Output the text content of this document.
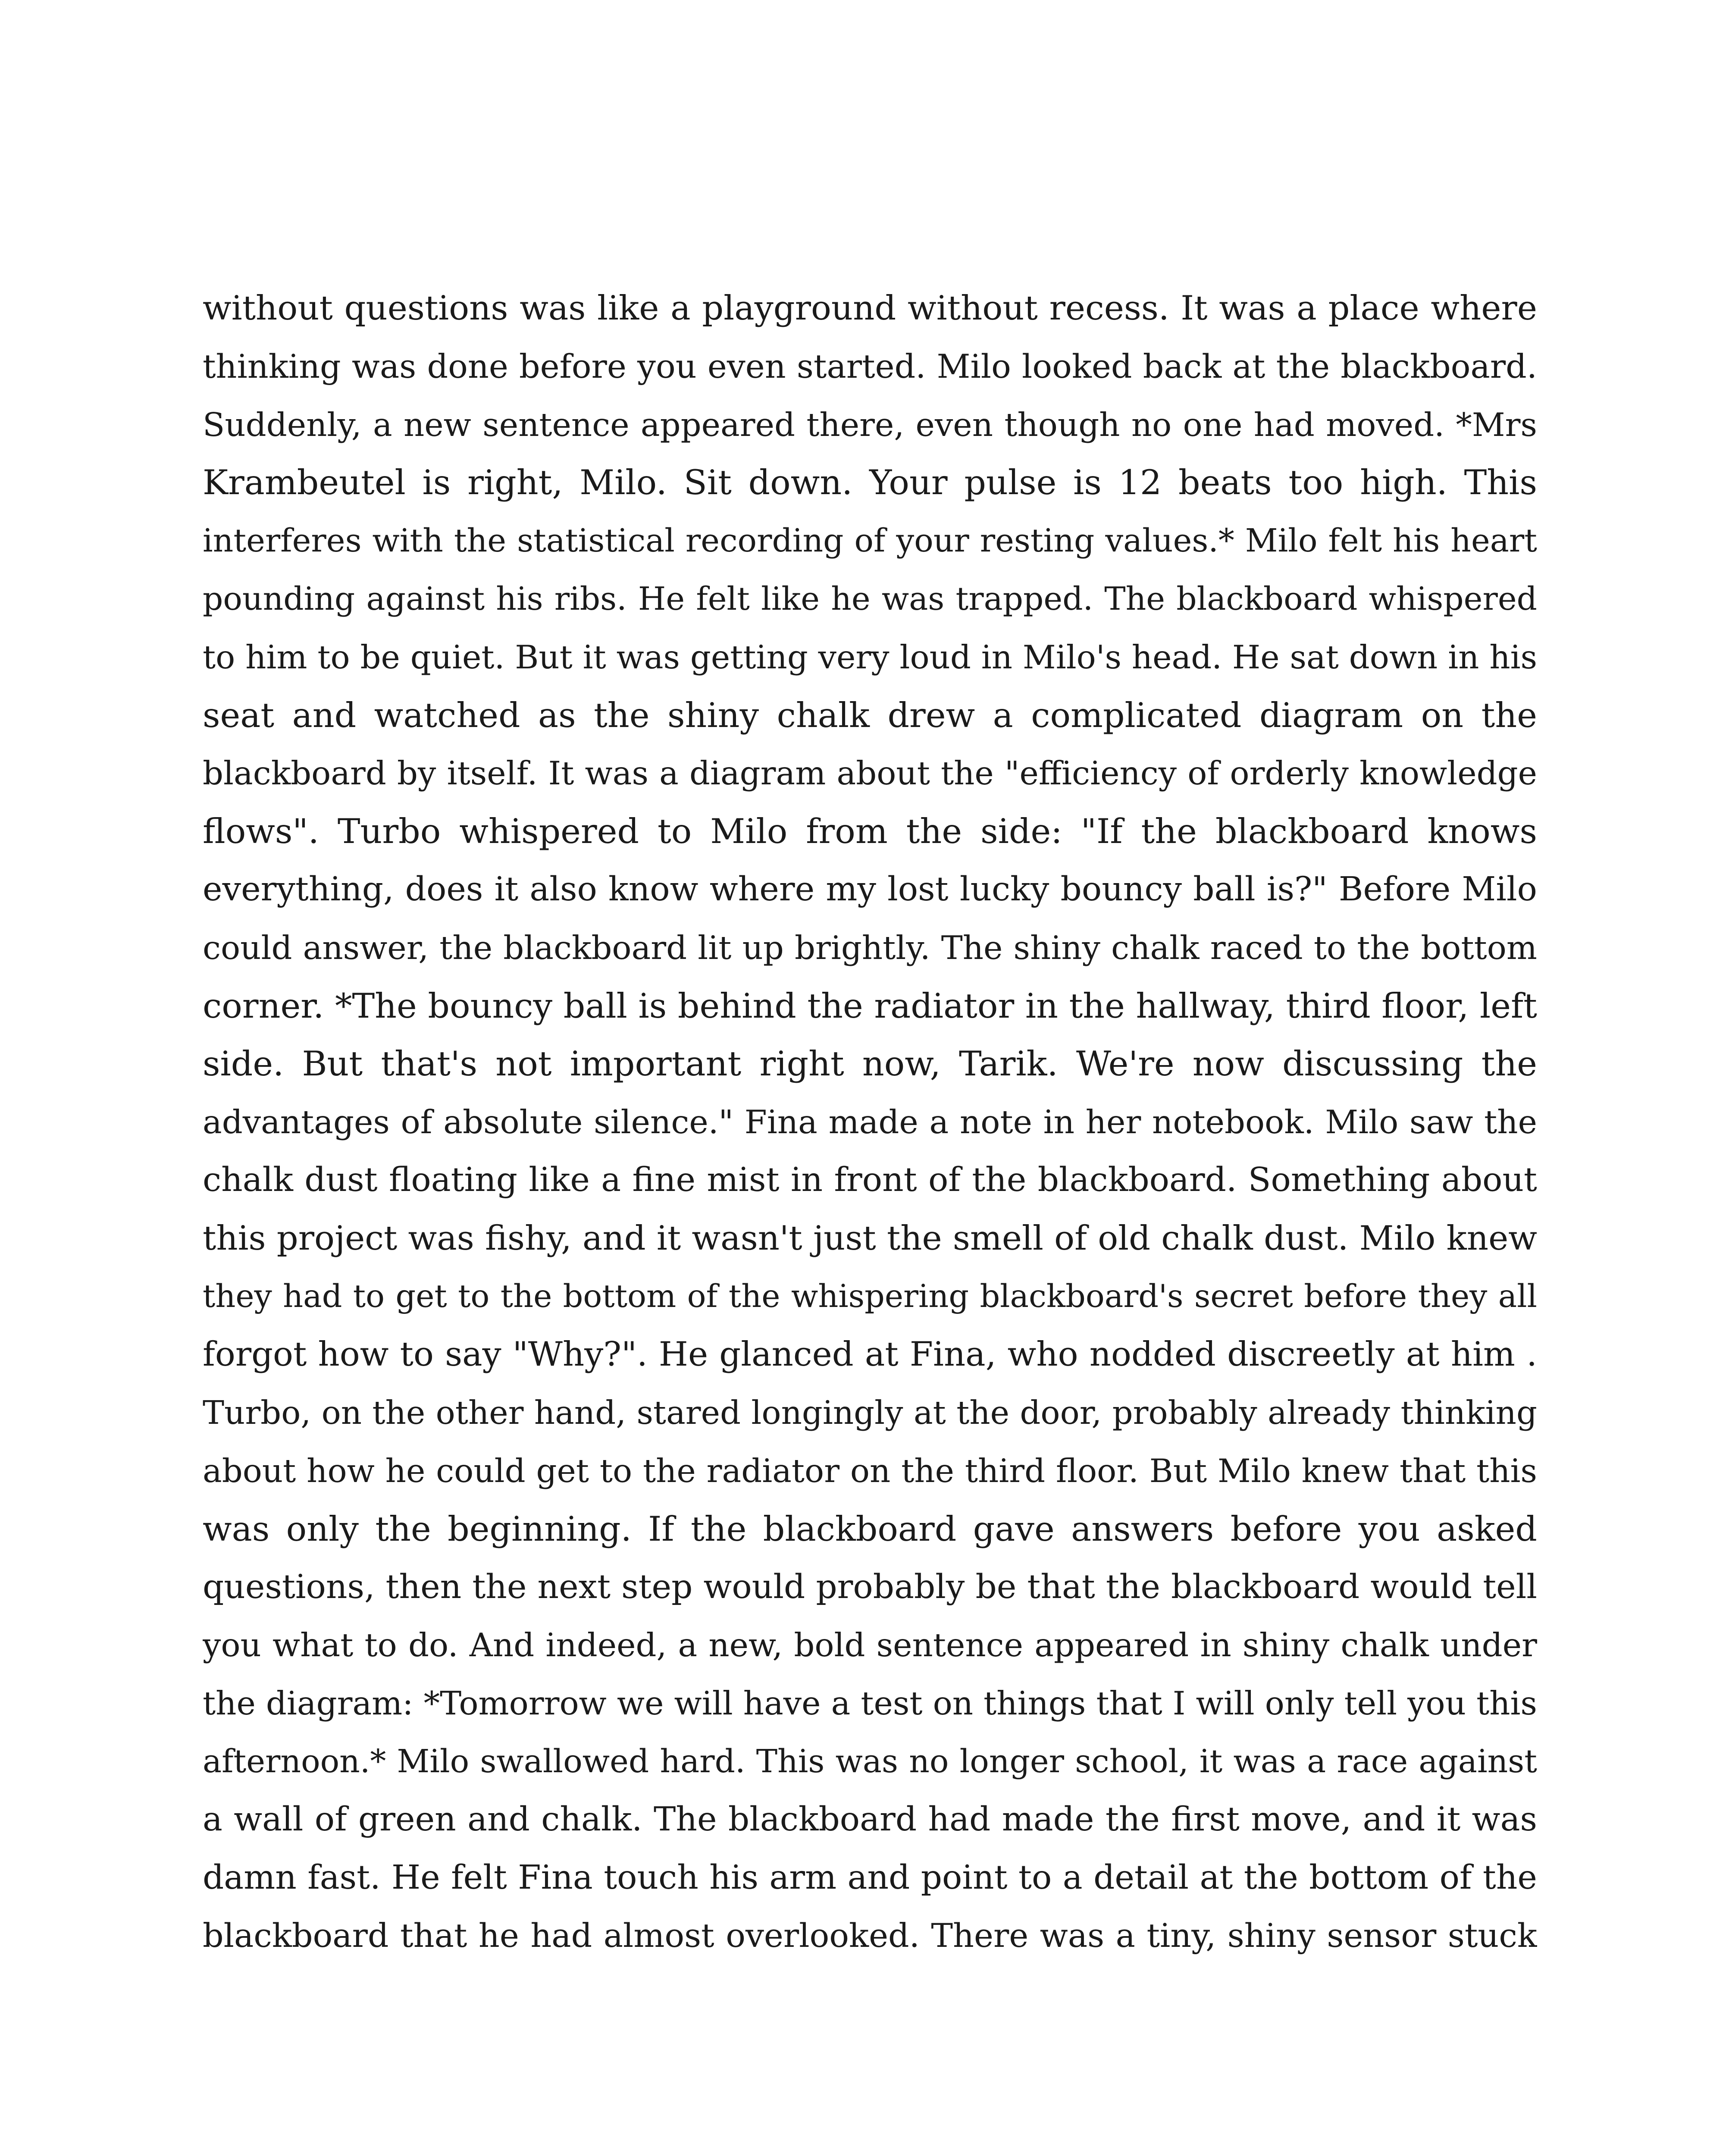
without questions was like a playground without recess. It was a place where
thinking was done before you even started. Milo looked back at the blackboard.
Suddenly, a new sentence appeared there, even though no one had moved. *Mrs
Krambeutel is right, Milo. Sit down. Your pulse is 12 beats too high. This
interferes with the statistical recording of your resting values.* Milo felt his heart
pounding against his ribs. He felt like he was trapped. The blackboard whispered
to him to be quiet. But it was getting very loud in Milo's head. He sat down in his
seat and watched as the shiny chalk drew a complicated diagram on the
blackboard by itself. It was a diagram about the "efficiency of orderly knowledge
flows". Turbo whispered to Milo from the side: "If the blackboard knows
everything, does it also know where my lost lucky bouncy ball is?" Before Milo
could answer, the blackboard lit up brightly. The shiny chalk raced to the bottom
corner. *The bouncy ball is behind the radiator in the hallway, third floor, left
side. But that's not important right now, Tarik. We're now discussing the
advantages of absolute silence." Fina made a note in her notebook. Milo saw the
chalk dust floating like a fine mist in front of the blackboard. Something about
this project was fishy, and it wasn't just the smell of old chalk dust. Milo knew
they had to get to the bottom of the whispering blackboard's secret before they all
forgot how to say "Why?". He glanced at Fina, who nodded discreetly at him .
Turbo, on the other hand, stared longingly at the door, probably already thinking
about how he could get to the radiator on the third floor. But Milo knew that this
was only the beginning. If the blackboard gave answers before you asked
questions, then the next step would probably be that the blackboard would tell
you what to do. And indeed, a new, bold sentence appeared in shiny chalk under
the diagram: *Tomorrow we will have a test on things that I will only tell you this
afternoon.* Milo swallowed hard. This was no longer school, it was a race against
a wall of green and chalk. The blackboard had made the first move, and it was
damn fast. He felt Fina touch his arm and point to a detail at the bottom of the
blackboard that he had almost overlooked. There was a tiny, shiny sensor stuck
